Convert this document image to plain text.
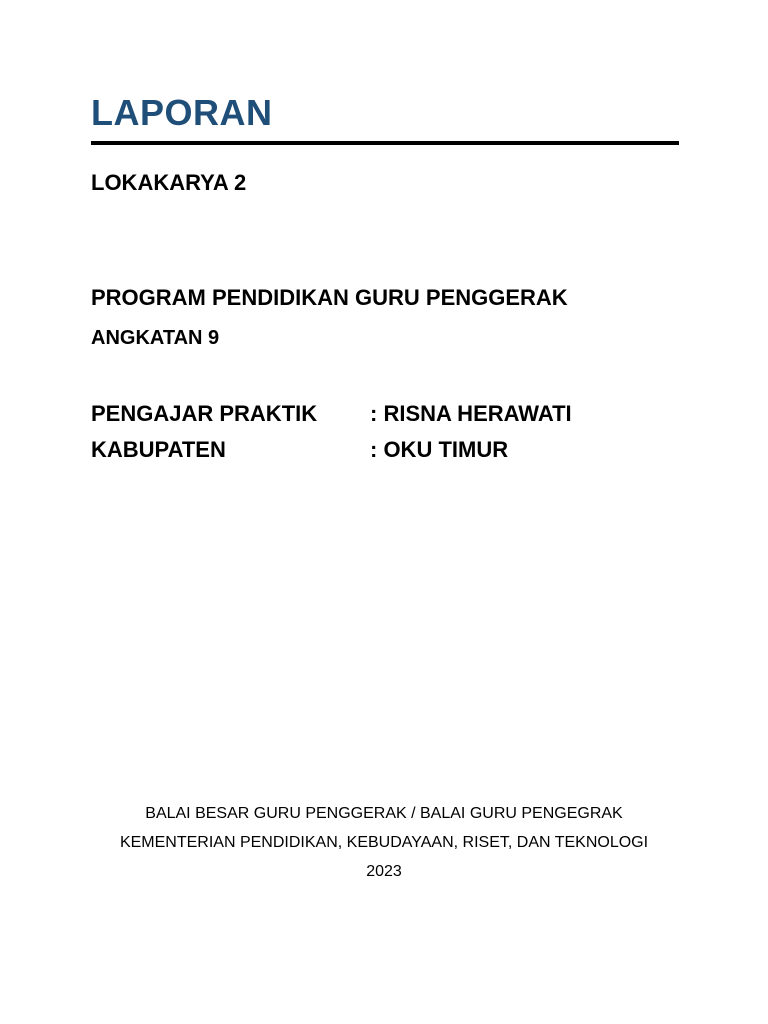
LAPORAN
LOKAKARYA 2
PROGRAM PENDIDIKAN GURU PENGGERAK
ANGKATAN 9
PENGAJAR PRAKTIK : RISNA HERAWATI
KABUPATEN	: OKU TIMUR
BALAI BESAR GURU PENGGERAK / BALAI GURU PENGEGRAK
KEMENTERIAN PENDIDIKAN, KEBUDAYAAN, RISET, DAN TEKNOLOGI
2023
